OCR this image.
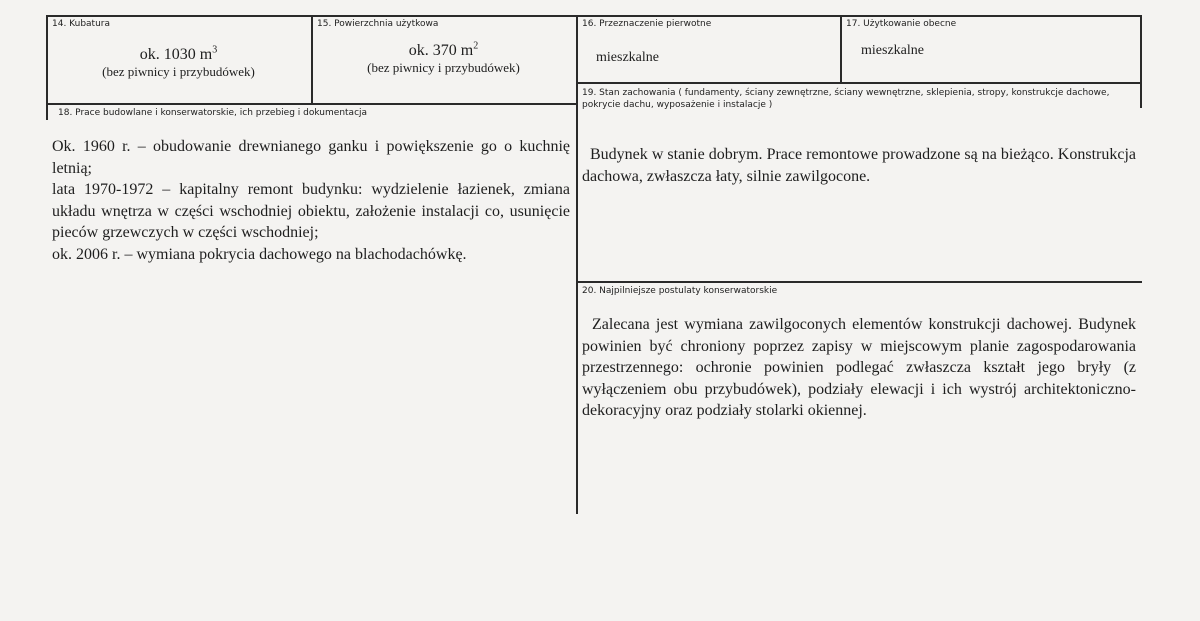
14. Kubatura
ok. 1030 $m^3$
(bez piwnicy i przybudówek)
15. Powierzchnia użytkowa
ok. 370 $m^2$
(bez piwnicy i przybudówek)
16. Przeznaczenie pierwotne
mieszkalne
17. Użytkowanie obecne
mieszkalne
18. Prace budowlane i konserwatorskie, ich przebieg i dokumentacja
Ok. 1960 r. – obudowanie drewnianego ganku i powiększenie go o kuchnię letnią;
lata 1970-1972 – kapitalny remont budynku: wydzielenie łazienek, zmiana układu wnętrza w części wschodniej obiektu, założenie instalacji co, usunięcie pieców grzewczych w części wschodniej;
ok. 2006 r. – wymiana pokrycia dachowego na blachodachówkę.
19. Stan zachowania ( fundamenty, ściany zewnętrzne, ściany wewnętrzne, sklepienia, stropy, konstrukcje dachowe, pokrycie dachu, wyposażenie i instalacje )
Budynek w stanie dobrym. Prace remontowe prowadzone są na bieżąco. Konstrukcja dachowa, zwłaszcza łaty, silnie zawilgocone.
20. Najpilniejsze postulaty konserwatorskie
Zalecana jest wymiana zawilgoconych elementów konstrukcji dachowej. Budynek powinien być chroniony poprzez zapisy w miejscowym planie zagospodarowania przestrzennego: ochronie powinien podlegać zwłaszcza kształt jego bryły (z wyłączeniem obu przybudówek), podziały elewacji i ich wystrój architektoniczno-dekoracyjny oraz podziały stolarki okiennej.
